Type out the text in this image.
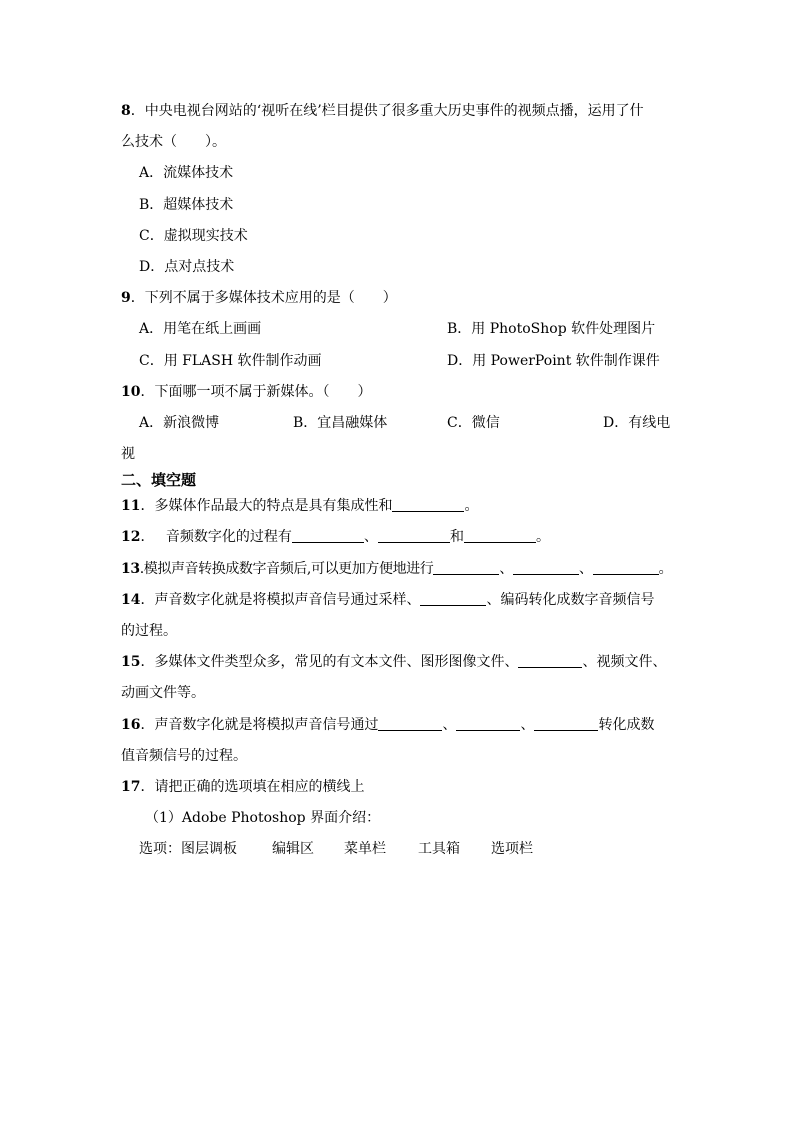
8．中央电视台网站的‘视听在线’栏目提供了很多重大历史事件的视频点播，运用了什
么技术（　　）。
A．流媒体技术
B．超媒体技术
C．虚拟现实技术
D．点对点技术
9．下列不属于多媒体技术应用的是（　　）
A．用笔在纸上画画	B．用 PhotoShop 软件处理图片
C．用 FLASH 软件制作动画	D．用 PowerPoint 软件制作课件
10．下面哪一项不属于新媒体。（　　）
A．新浪微博	B．宜昌融媒体	C．微信	D．有线电
视
二、填空题
11．多媒体作品最大的特点是具有集成性和	。
12．　 音频数字化的过程有	、	和	。
13.模拟声音转换成数字音频后,可以更加方便地进行	、	、	。
14．声音数字化就是将模拟声音信号通过采样、	、编码转化成数字音频信号
的过程。
15．多媒体文件类型众多，常见的有文本文件、图形图像文件、	、视频文件、
动画文件等。
16．声音数字化就是将模拟声音信号通过	、	、	转化成数
值音频信号的过程。
17．请把正确的选项填在相应的横线上
（1）Adobe Photoshop 界面介绍：
选项：图层调板	编辑区 菜单栏 工具箱 选项栏
